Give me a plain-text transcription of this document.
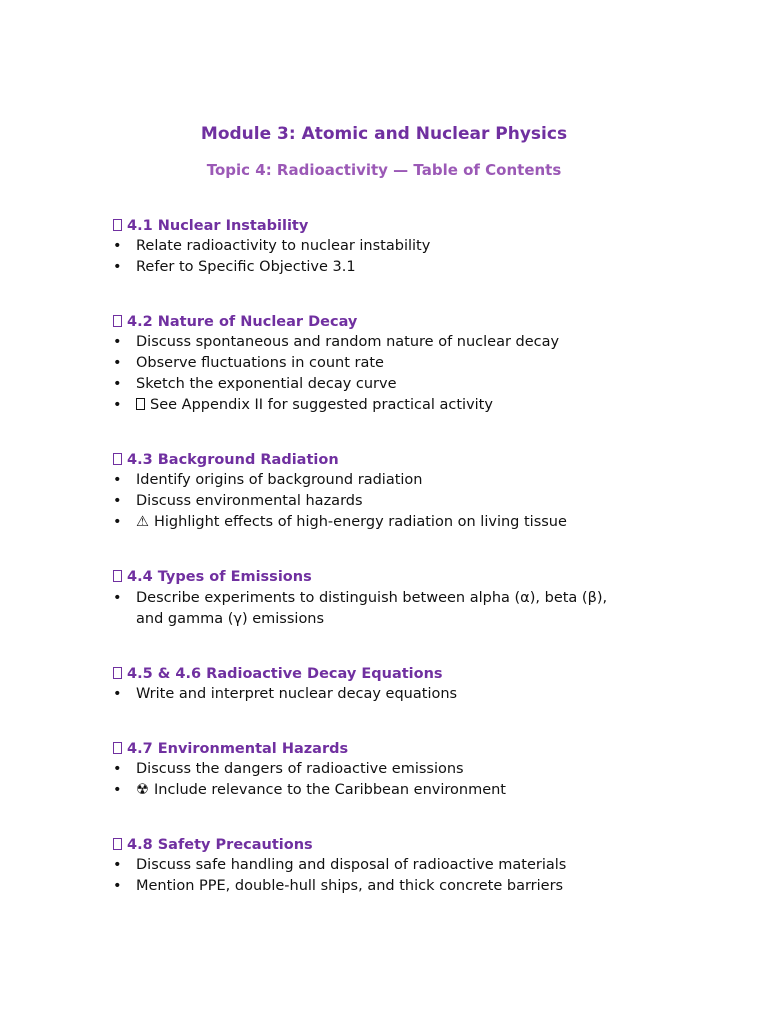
Module 3: Atomic and Nuclear Physics
Topic 4: Radioactivity — Table of Contents
4.1 Nuclear Instability
• Relate radioactivity to nuclear instability
• Refer to Specific Objective 3.1
4.2 Nature of Nuclear Decay
• Discuss spontaneous and random nature of nuclear decay
• Observe fluctuations in count rate
• Sketch the exponential decay curve
• See Appendix II for suggested practical activity
4.3 Background Radiation
• Identify origins of background radiation
• Discuss environmental hazards
• ⚠ Highlight effects of high-energy radiation on living tissue
4.4 Types of Emissions
• Describe experiments to distinguish between alpha (α), beta (β),
and gamma (γ) emissions
4.5 & 4.6 Radioactive Decay Equations
• Write and interpret nuclear decay equations
4.7 Environmental Hazards
• Discuss the dangers of radioactive emissions
• ☢ Include relevance to the Caribbean environment
4.8 Safety Precautions
• Discuss safe handling and disposal of radioactive materials
• Mention PPE, double-hull ships, and thick concrete barriers
